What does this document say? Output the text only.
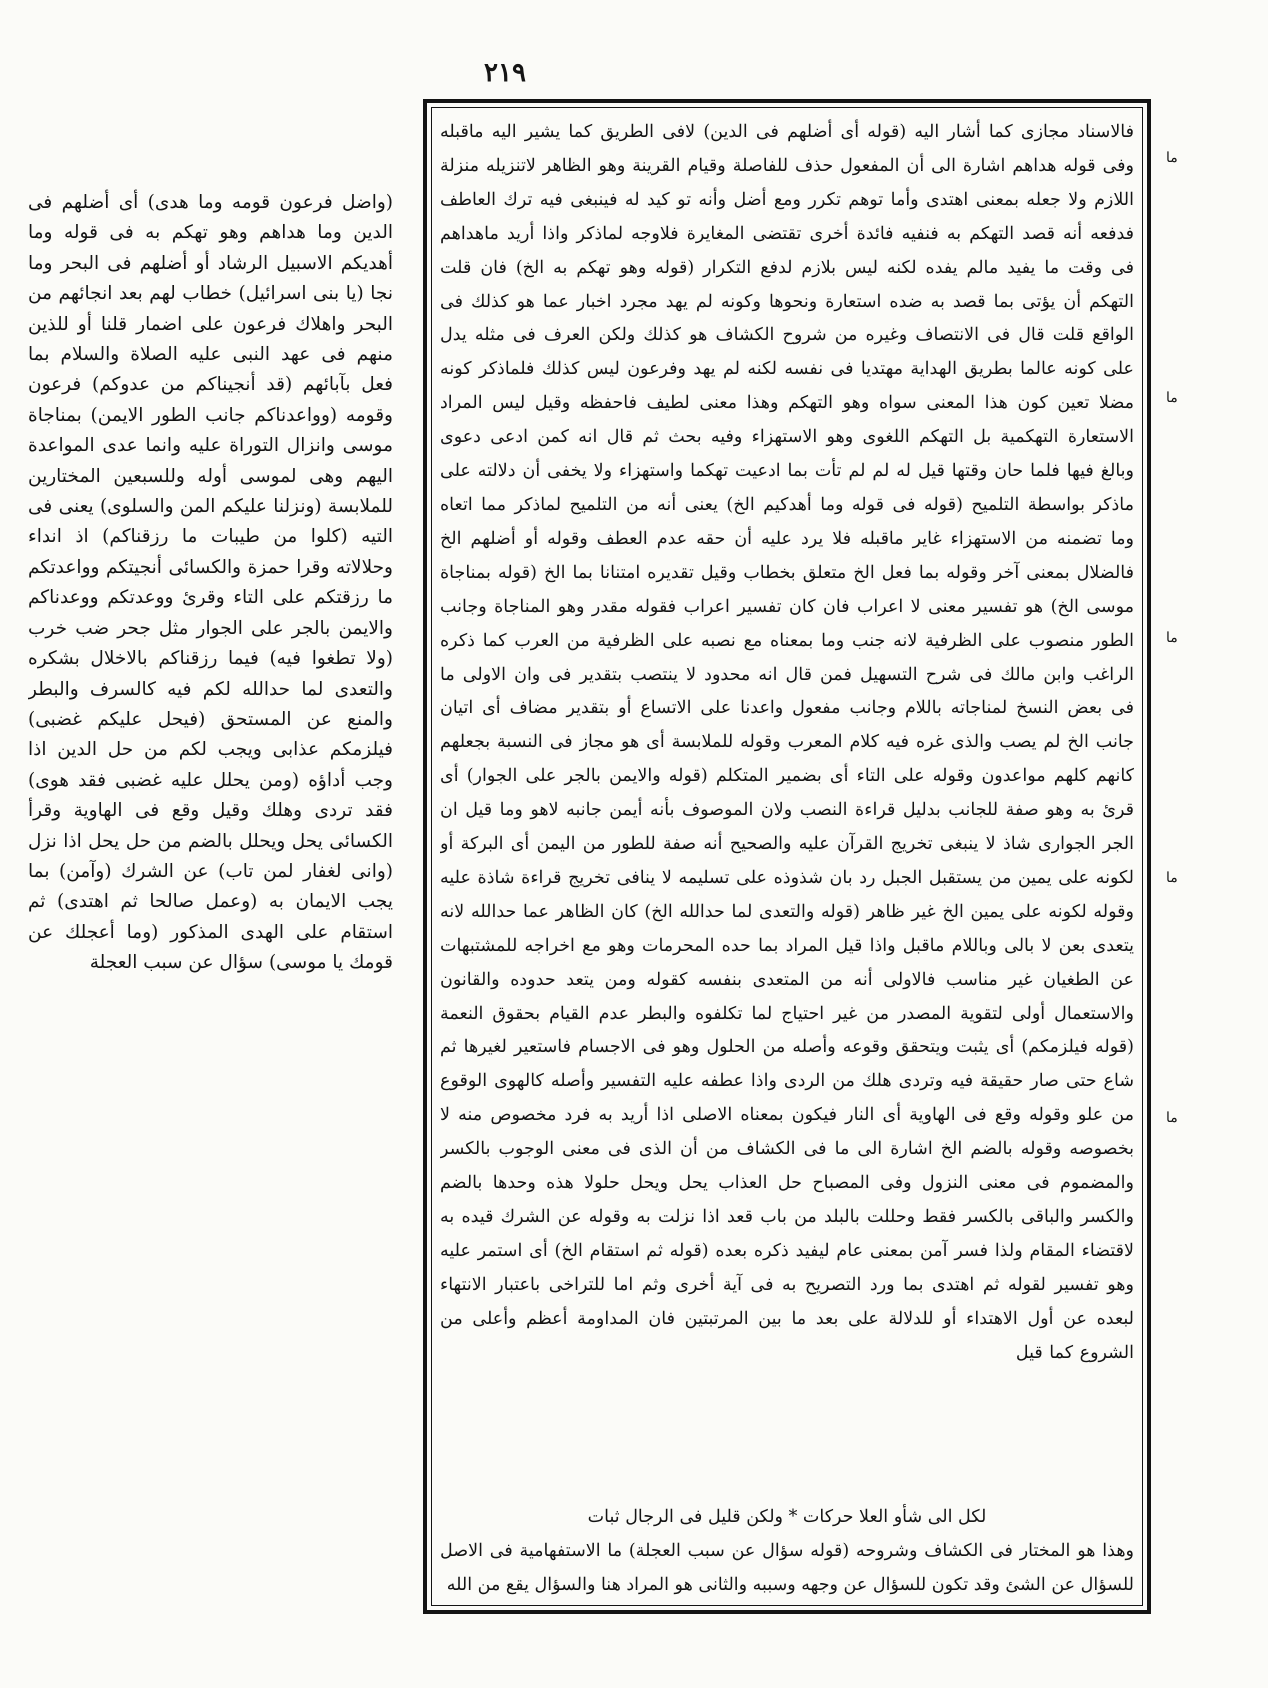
٢١٩
ما
ما
ما
ما
ما
فالاسناد مجازى كما أشار اليه (قوله أى أضلهم فى الدين) لافى الطريق كما يشير اليه ماقبله وفى قوله هداهم اشارة الى أن المفعول حذف للفاصلة وقيام القرينة وهو الظاهر لاتنزيله منزلة اللازم ولا جعله بمعنى اهتدى وأما توهم تكرر ومع أضل وأنه تو كيد له فينبغى فيه ترك العاطف فدفعه أنه قصد التهكم به فنفيه فائدة أخرى تقتضى المغايرة فلاوجه لماذكر واذا أريد ماهداهم فى وقت ما يفيد مالم يفده لكنه ليس بلازم لدفع التكرار (قوله وهو تهكم به الخ) فان قلت التهكم أن يؤتى بما قصد به ضده استعارة ونحوها وكونه لم يهد مجرد اخبار عما هو كذلك فى الواقع قلت قال فى الانتصاف وغيره من شروح الكشاف هو كذلك ولكن العرف فى مثله يدل على كونه عالما بطريق الهداية مهتديا فى نفسه لكنه لم يهد وفرعون ليس كذلك فلماذكر كونه مضلا تعين كون هذا المعنى سواه وهو التهكم وهذا معنى لطيف فاحفظه وقيل ليس المراد الاستعارة التهكمية بل التهكم اللغوى وهو الاستهزاء وفيه بحث ثم قال انه كمن ادعى دعوى وبالغ فيها فلما حان وقتها قيل له لم لم تأت بما ادعيت تهكما واستهزاء ولا يخفى أن دلالته على ماذكر بواسطة التلميح (قوله فى قوله وما أهدكيم الخ) يعنى أنه من التلميح لماذكر مما اتعاه وما تضمنه من الاستهزاء غاير ماقبله فلا يرد عليه أن حقه عدم العطف وقوله أو أضلهم الخ فالضلال بمعنى آخر وقوله بما فعل الخ متعلق بخطاب وقيل تقديره امتنانا بما الخ (قوله بمناجاة موسى الخ) هو تفسير معنى لا اعراب فان كان تفسير اعراب فقوله مقدر وهو المناجاة وجانب الطور منصوب على الظرفية لانه جنب وما بمعناه مع نصبه على الظرفية من العرب كما ذكره الراغب وابن مالك فى شرح التسهيل فمن قال انه محدود لا ينتصب بتقدير فى وان الاولى ما فى بعض النسخ لمناجاته باللام وجانب مفعول واعدنا على الاتساع أو بتقدير مضاف أى اتيان جانب الخ لم يصب والذى غره فيه كلام المعرب وقوله للملابسة أى هو مجاز فى النسبة بجعلهم كانهم كلهم مواعدون وقوله على التاء أى بضمير المتكلم (قوله والايمن بالجر على الجوار) أى قرئ به وهو صفة للجانب بدليل قراءة النصب ولان الموصوف بأنه أيمن جانبه لاهو وما قيل ان الجر الجوارى شاذ لا ينبغى تخريج القرآن عليه والصحيح أنه صفة للطور من اليمن أى البركة أو لكونه على يمين من يستقبل الجبل رد بان شذوذه على تسليمه لا ينافى تخريج قراءة شاذة عليه وقوله لكونه على يمين الخ غير ظاهر (قوله والتعدى لما حدالله الخ) كان الظاهر عما حدالله لانه يتعدى بعن لا بالى وباللام ماقبل واذا قيل المراد بما حده المحرمات وهو مع اخراجه للمشتبهات عن الطغيان غير مناسب فالاولى أنه من المتعدى بنفسه كقوله ومن يتعد حدوده والقانون والاستعمال أولى لتقوية المصدر من غير احتياج لما تكلفوه والبطر عدم القيام بحقوق النعمة (قوله فيلزمكم) أى يثبت ويتحقق وقوعه وأصله من الحلول وهو فى الاجسام فاستعير لغيرها ثم شاع حتى صار حقيقة فيه وتردى هلك من الردى واذا عطفه عليه التفسير وأصله كالهوى الوقوع من علو وقوله وقع فى الهاوية أى النار فيكون بمعناه الاصلى اذا أريد به فرد مخصوص منه لا بخصوصه وقوله بالضم الخ اشارة الى ما فى الكشاف من أن الذى فى معنى الوجوب بالكسر والمضموم فى معنى النزول وفى المصباح حل العذاب يحل ويحل حلولا هذه وحدها بالضم والكسر والباقى بالكسر فقط وحللت بالبلد من باب قعد اذا نزلت به وقوله عن الشرك قيده به لاقتضاء المقام ولذا فسر آمن بمعنى عام ليفيد ذكره بعده (قوله ثم استقام الخ) أى استمر عليه وهو تفسير لقوله ثم اهتدى بما ورد التصريح به فى آية أخرى وثم اما للتراخى باعتبار الانتهاء لبعده عن أول الاهتداء أو للدلالة على بعد ما بين المرتبتين فان المداومة أعظم وأعلى من الشروع كما قيل
لكل الى شأو العلا حركات * ولكن قليل فى الرجال ثبات
وهذا هو المختار فى الكشاف وشروحه (قوله سؤال عن سبب العجلة) ما الاستفهامية فى الاصل للسؤال عن الشئ وقد تكون للسؤال عن وجهه وسببه والثانى هو المراد هنا والسؤال يقع من الله
(واضل فرعون قومه وما هدى) أى أضلهم فى الدين وما هداهم وهو تهكم به فى قوله وما أهديكم الاسبيل الرشاد أو أضلهم فى البحر وما نجا (يا بنى اسرائيل) خطاب لهم بعد انجائهم من البحر واهلاك فرعون على اضمار قلنا أو للذين منهم فى عهد النبى عليه الصلاة والسلام بما فعل بآبائهم (قد أنجيناكم من عدوكم) فرعون وقومه (وواعدناكم جانب الطور الايمن) بمناجاة موسى وانزال التوراة عليه وانما عدى المواعدة اليهم وهى لموسى أوله وللسبعين المختارين للملابسة (ونزلنا عليكم المن والسلوى) يعنى فى التيه (كلوا من طيبات ما رزقناكم) اذ انداء وحلالاته وقرا حمزة والكسائى أنجيتكم وواعدتكم ما رزقتكم على التاء وقرئ ووعدتكم ووعدناكم والايمن بالجر على الجوار مثل جحر ضب خرب (ولا تطغوا فيه) فيما رزقناكم بالاخلال بشكره والتعدى لما حدالله لكم فيه كالسرف والبطر والمنع عن المستحق (فيحل عليكم غضبى) فيلزمكم عذابى ويجب لكم من حل الدين اذا وجب أداؤه (ومن يحلل عليه غضبى فقد هوى) فقد تردى وهلك وقيل وقع فى الهاوية وقرأ الكسائى يحل ويحلل بالضم من حل يحل اذا نزل (وانى لغفار لمن تاب) عن الشرك (وآمن) بما يجب الايمان به (وعمل صالحا ثم اهتدى) ثم استقام على الهدى المذكور (وما أعجلك عن قومك يا موسى) سؤال عن سبب العجلة
